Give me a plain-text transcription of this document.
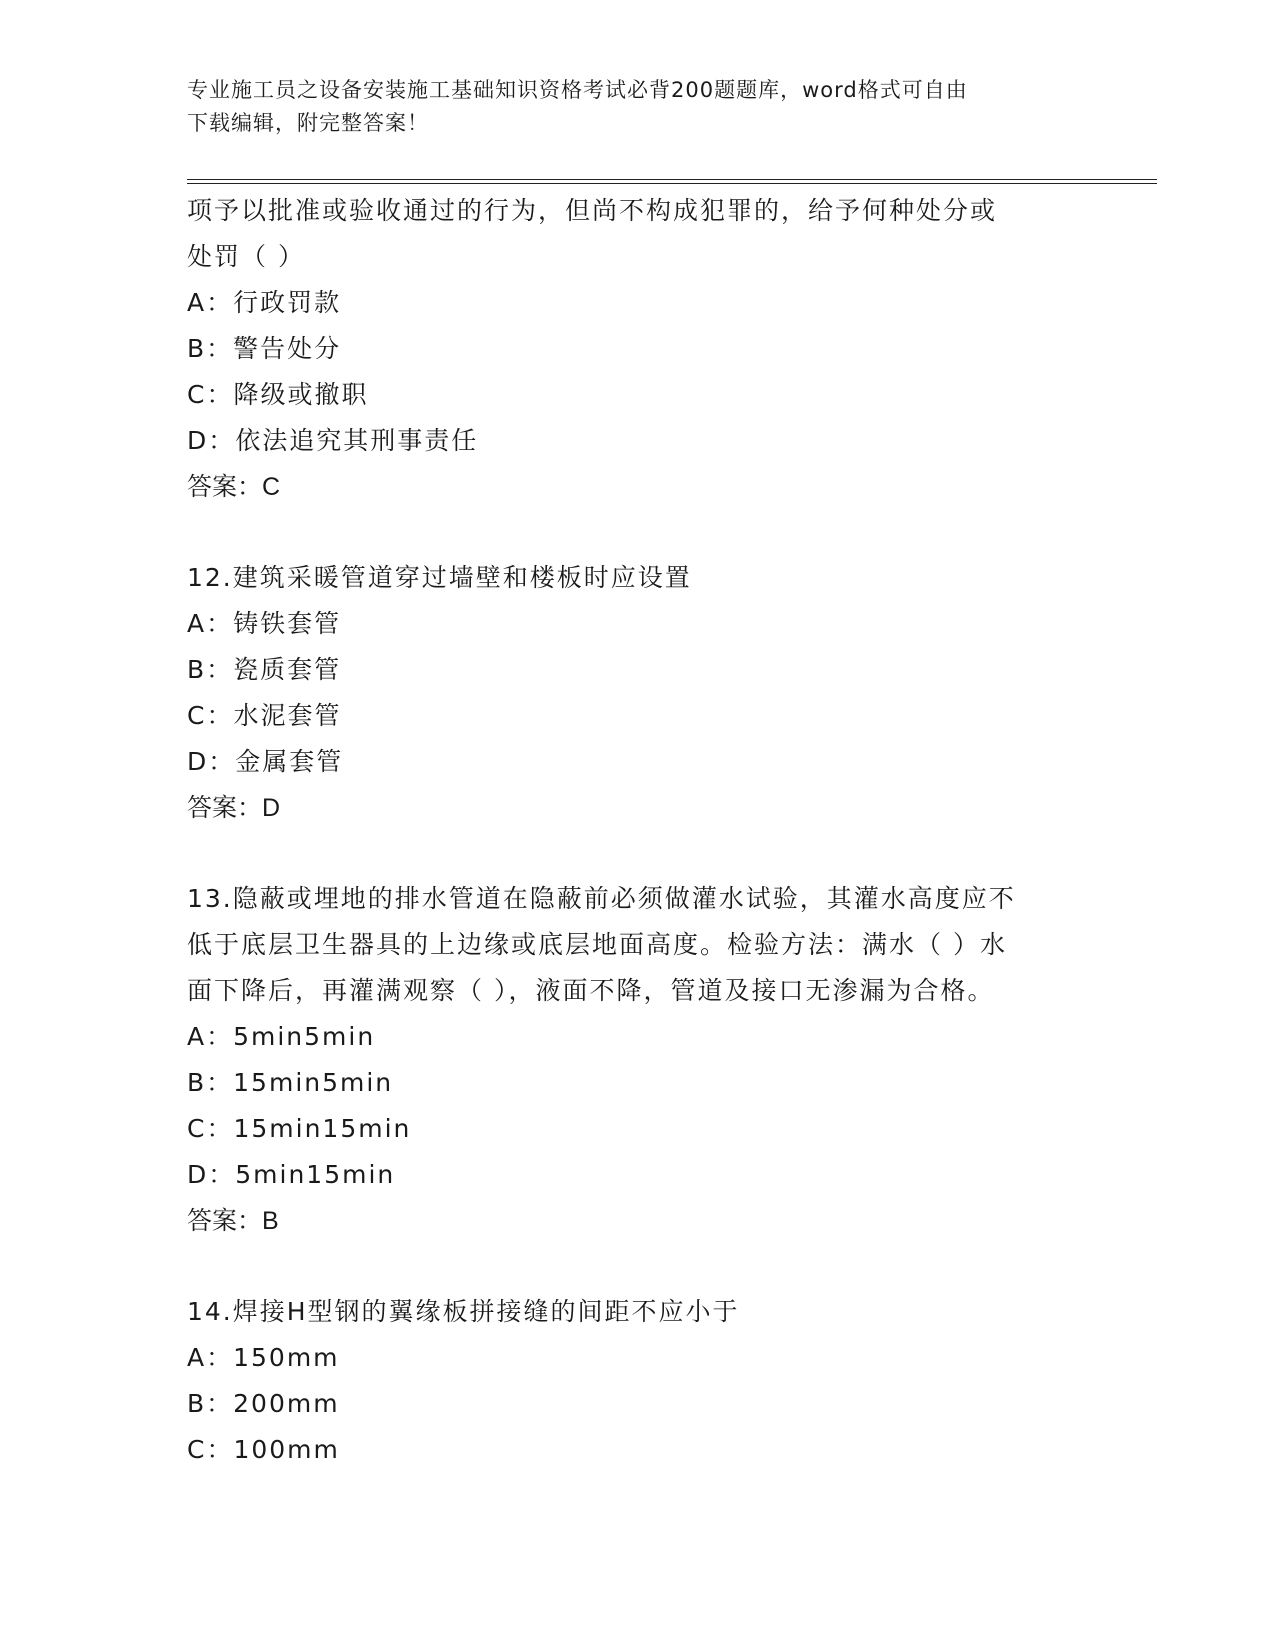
专业施工员之设备安装施工基础知识资格考试必背200题题库，word格式可自由
下载编辑，附完整答案！
项予以批准或验收通过的行为，但尚不构成犯罪的，给予何种处分或
处罚（ ）
A：行政罚款
B：警告处分
C：降级或撤职
D：依法追究其刑事责任
答案：C
12.建筑采暖管道穿过墙壁和楼板时应设置
A：铸铁套管
B：瓷质套管
C：水泥套管
D：金属套管
答案：D
13.隐蔽或埋地的排水管道在隐蔽前必须做灌水试验，其灌水高度应不
低于底层卫生器具的上边缘或底层地面高度。检验方法：满水（ ）水
面下降后，再灌满观察（ ），液面不降，管道及接口无渗漏为合格。
A：5min5min
B：15min5min
C：15min15min
D：5min15min
答案：B
14.焊接H型钢的翼缘板拼接缝的间距不应小于
A：150mm
B：200mm
C：100mm
